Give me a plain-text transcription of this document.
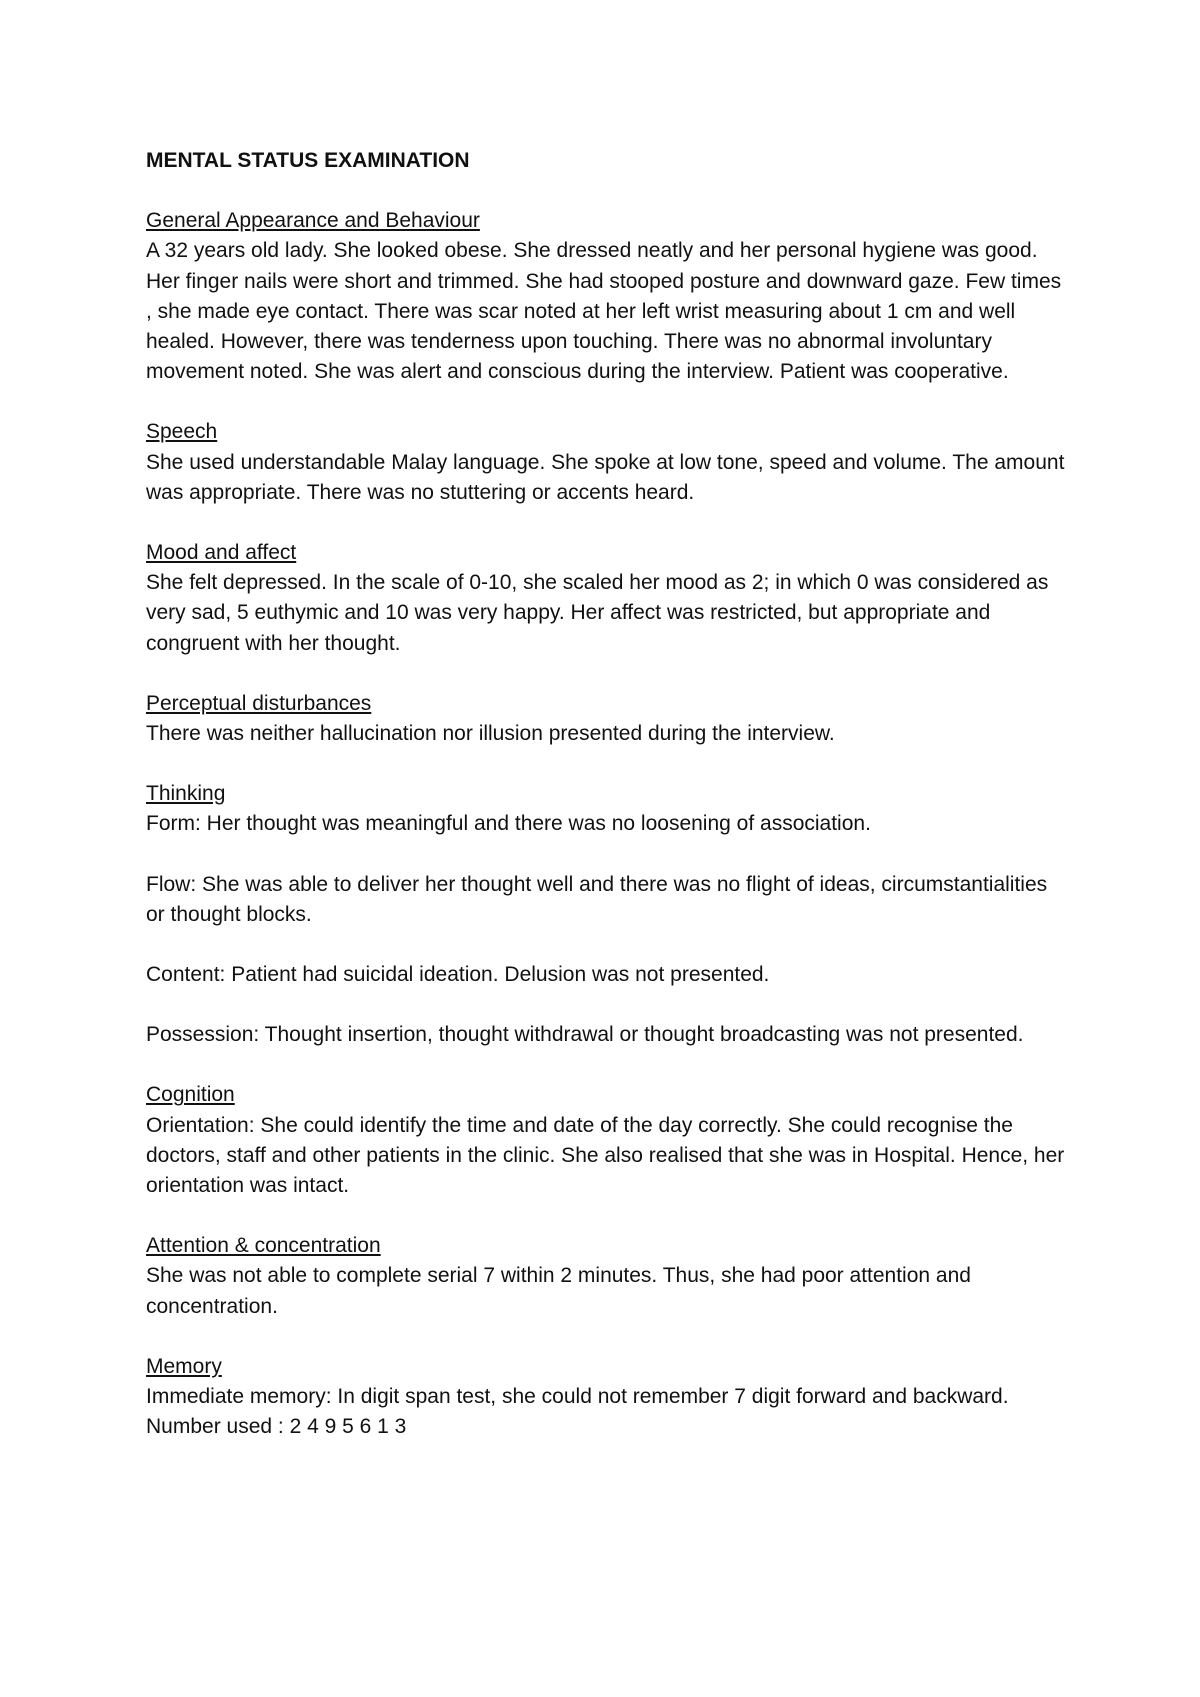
MENTAL STATUS EXAMINATION
General Appearance and Behaviour

A 32 years old lady. She looked obese. She dressed neatly and her personal hygiene was good. Her finger nails were short and trimmed. She had stooped posture and downward gaze. Few times , she made eye contact. There was scar noted at her left wrist measuring about 1 cm and well healed. However, there was tenderness upon touching. There was no abnormal involuntary movement noted. She was alert and conscious during the interview. Patient was cooperative.

Speech

She used understandable Malay language. She spoke at low tone, speed and volume. The amount was appropriate. There was no stuttering or accents heard.

Mood and affect

She felt depressed. In the scale of 0-10, she scaled her mood as 2; in which 0 was considered as very sad, 5 euthymic and 10 was very happy. Her affect was restricted, but appropriate and congruent with her thought.

Perceptual disturbances

There was neither hallucination nor illusion presented during the interview.

Thinking

Form: Her thought was meaningful and there was no loosening of association.

Flow: She was able to deliver her thought well and there was no flight of ideas, circumstantialities or thought blocks.

Content: Patient had suicidal ideation. Delusion was not presented.

Possession: Thought insertion, thought withdrawal or thought broadcasting was not presented.

Cognition

Orientation: She could identify the time and date of the day correctly. She could recognise the doctors, staff and other patients in the clinic. She also realised that she was in Hospital. Hence, her orientation was intact.

Attention & concentration

She was not able to complete serial 7 within 2 minutes. Thus, she had poor attention and concentration.

Memory

Immediate memory: In digit span test, she could not remember 7 digit forward and backward. Number used : 2 4 9 5 6 1 3
